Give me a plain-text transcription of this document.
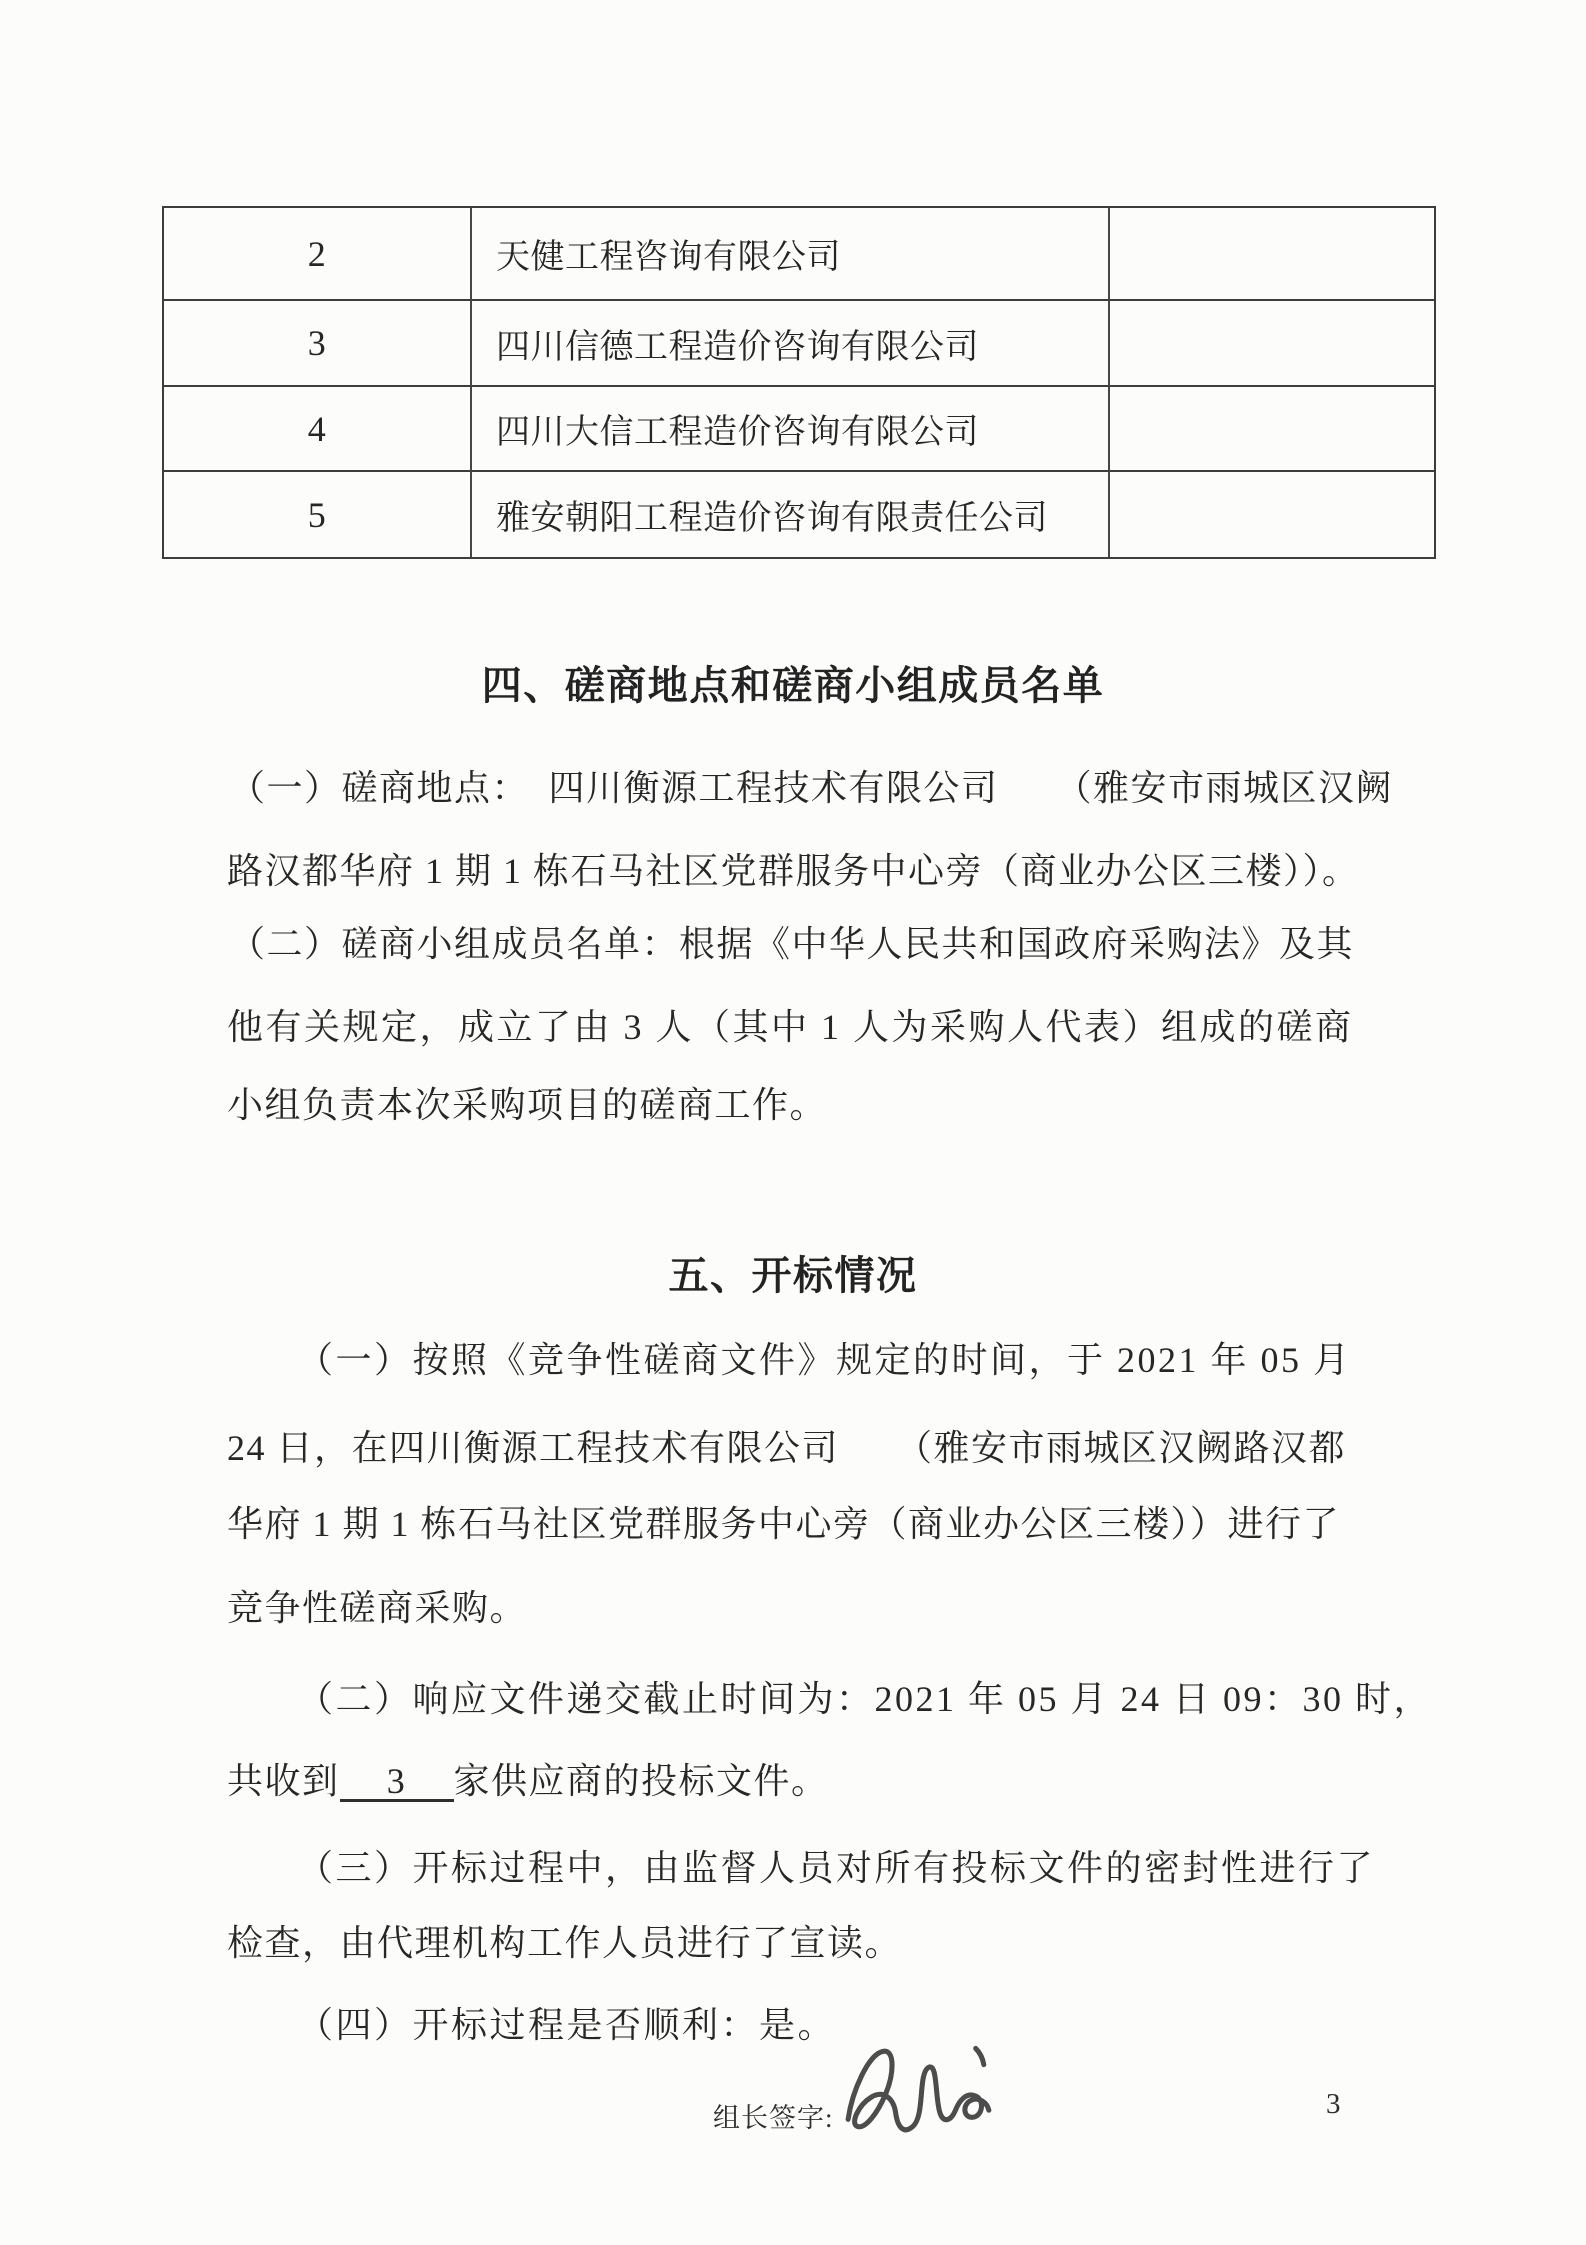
2	天健工程咨询有限公司
3	四川信德工程造价咨询有限公司
4	四川大信工程造价咨询有限公司
5	雅安朝阳工程造价咨询有限责任公司
四、磋商地点和磋商小组成员名单
（一）磋商地点：　四川衡源工程技术有限公司　　（雅安市雨城区汉阙
路汉都华府 1 期 1 栋石马社区党群服务中心旁（商业办公区三楼））。
（二）磋商小组成员名单：根据《中华人民共和国政府采购法》及其
他有关规定，成立了由 3 人（其中 1 人为采购人代表）组成的磋商
小组负责本次采购项目的磋商工作。
五、开标情况
（一）按照《竞争性磋商文件》规定的时间，于 2021 年 05 月
24 日，在四川衡源工程技术有限公司　　（雅安市雨城区汉阙路汉都
华府 1 期 1 栋石马社区党群服务中心旁（商业办公区三楼））进行了
竞争性磋商采购。
（二）响应文件递交截止时间为：2021 年 05 月 24 日 09：30 时，
共收到 3 家供应商的投标文件。
（三）开标过程中，由监督人员对所有投标文件的密封性进行了
检查，由代理机构工作人员进行了宣读。
（四）开标过程是否顺利：是。
组长签字:	3
